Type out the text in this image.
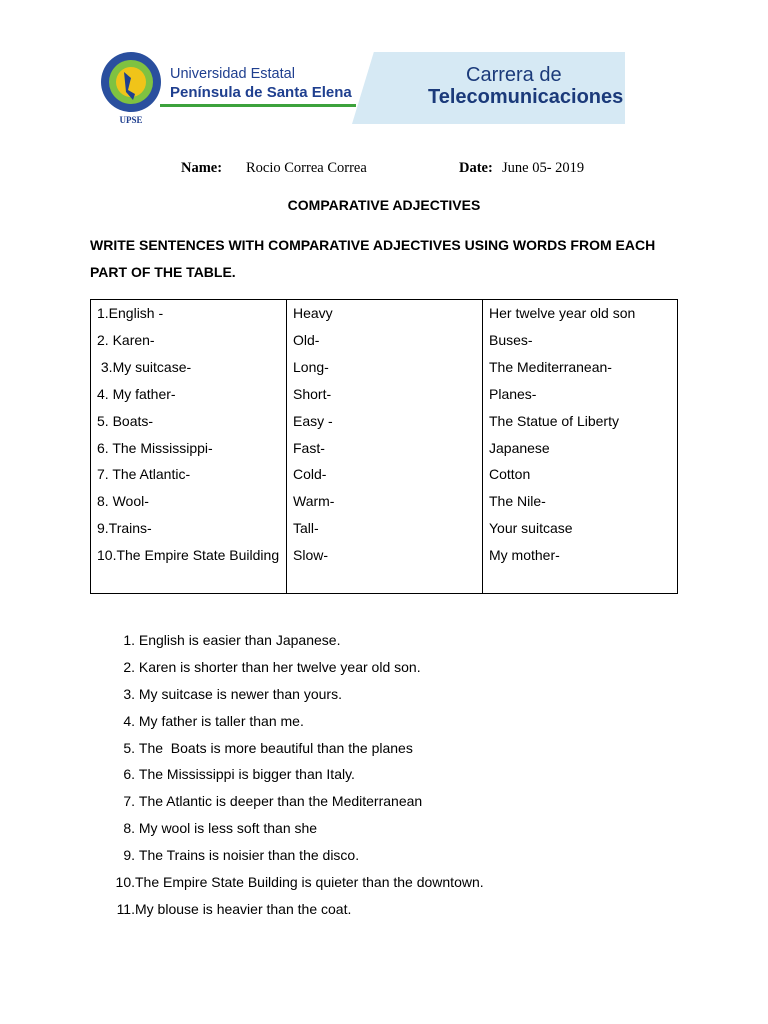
UPSE
Universidad Estatal
Península de Santa Elena
Carrera de
Telecomunicaciones
Name: Rocio Correa Correa	Date: June 05- 2019
COMPARATIVE ADJECTIVES
WRITE SENTENCES WITH COMPARATIVE ADJECTIVES USING WORDS FROM EACH PART OF THE TABLE.
1.English -
2. Karen-
3.My suitcase-
4. My father-
5. Boats-
6. The Mississippi-
7. The Atlantic-
8. Wool-
9.Trains-
10.The Empire State Building
Heavy
Old-
Long-
Short-
Easy -
Fast-
Cold-
Warm-
Tall-
Slow-
Her twelve year old son
Buses-
The Mediterranean-
Planes-
The Statue of Liberty
Japanese
Cotton
The Nile-
Your suitcase
My mother-
1. English is easier than Japanese.
2. Karen is shorter than her twelve year old son.
3. My suitcase is newer than yours.
4. My father is taller than me.
5. The  Boats is more beautiful than the planes
6. The Mississippi is bigger than Italy.
7. The Atlantic is deeper than the Mediterranean
8. My wool is less soft than she
9. The Trains is noisier than the disco.
10.The Empire State Building is quieter than the downtown.
11.My blouse is heavier than the coat.
